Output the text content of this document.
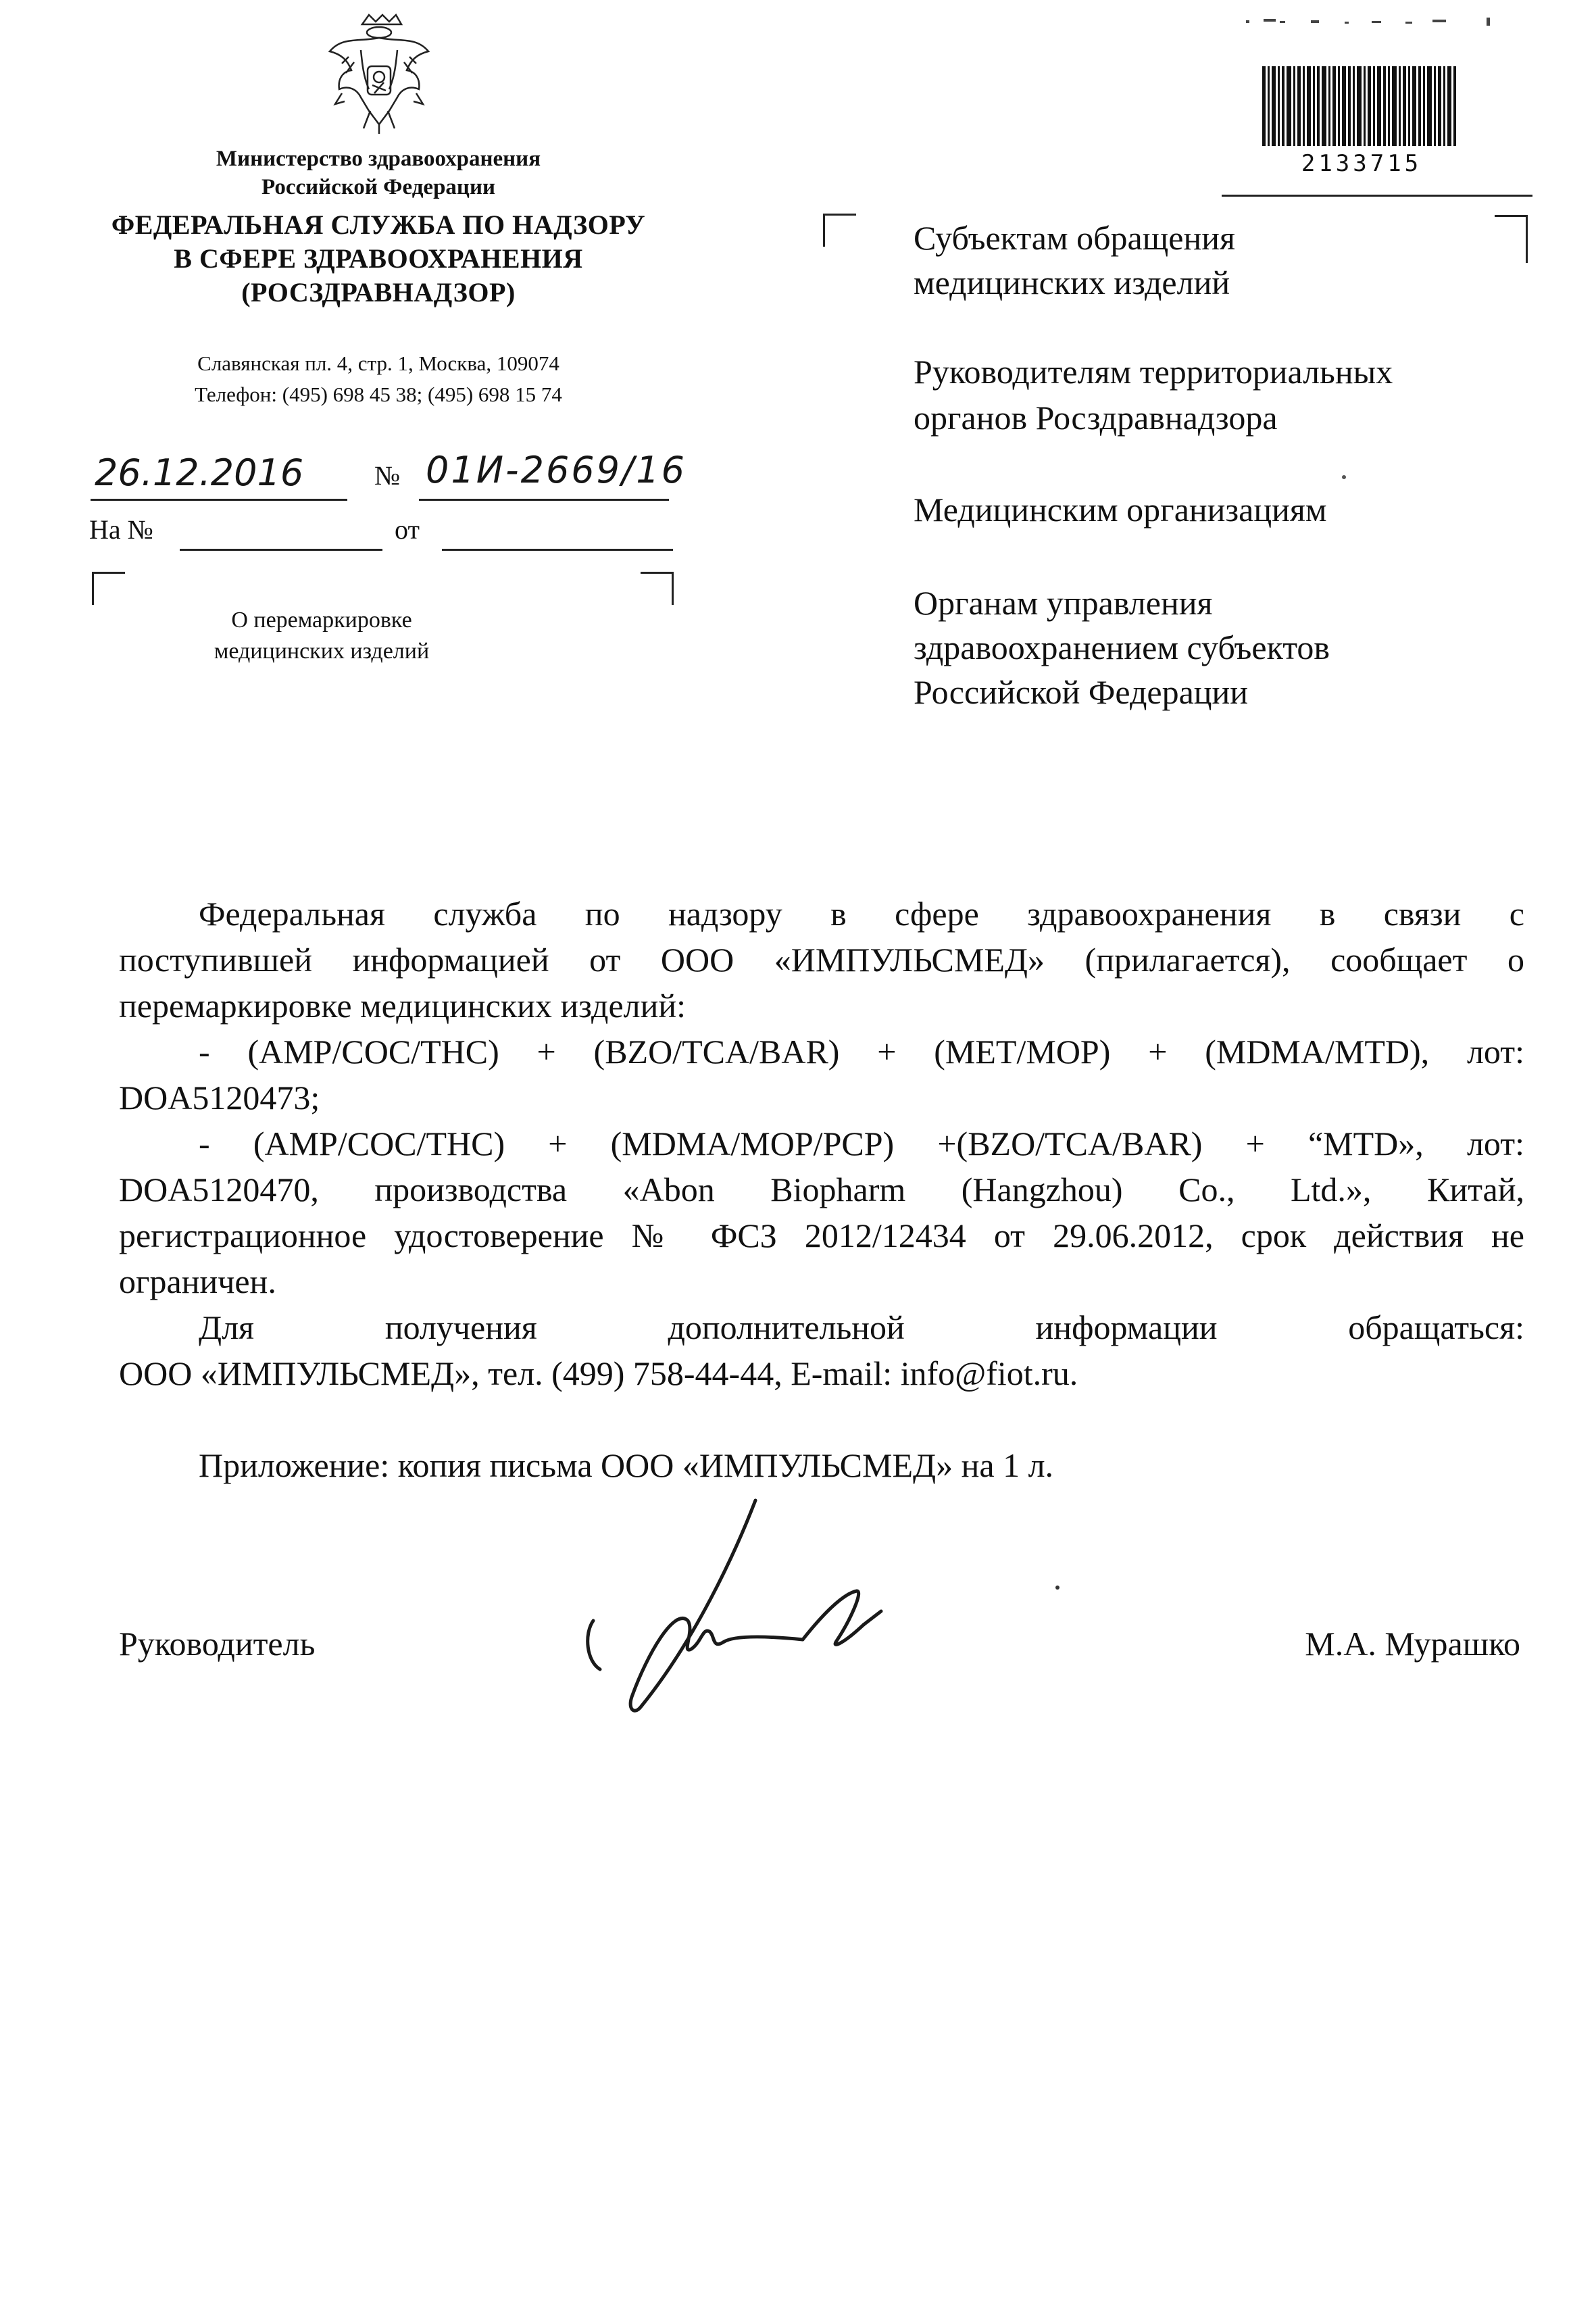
Министерство здравоохранения
Российской Федерации
ФЕДЕРАЛЬНАЯ СЛУЖБА ПО НАДЗОРУ
В СФЕРЕ ЗДРАВООХРАНЕНИЯ
(РОСЗДРАВНАДЗОР)
Славянская пл. 4, стр. 1, Москва, 109074
Телефон: (495) 698 45 38; (495) 698 15 74
26.12.2016	№ 01И-2669/16
На №	от
О перемаркировке
медицинских изделий
2133715
Субъектам обращения
медицинских изделий
Руководителям территориальных
органов Росздравнадзора
Медицинским организациям
Органам управления
здравоохранением субъектов
Российской Федерации
Федеральная служба по надзору в сфере здравоохранения в связи с
поступившей информацией от ООО «ИМПУЛЬСМЕД» (прилагается), сообщает о
перемаркировке медицинских изделий:
- (AMP/COC/THC) + (BZO/TCA/BAR) + (MET/MOP) + (MDMA/MTD), лот:
DOA5120473;
- (AMP/COC/THC) + (MDMA/MOP/PCP) +(BZO/TCA/BAR) + “MTD», лот:
DOA5120470, производства «Abon Biopharm (Hangzhou) Co., Ltd.», Китай,
регистрационное удостоверение № ФСЗ 2012/12434 от 29.06.2012, срок действия не
ограничен.
Для получения дополнительной информации обращаться:
ООО «ИМПУЛЬСМЕД», тел. (499) 758-44-44, E-mail: info@fiot.ru.
Приложение: копия письма ООО «ИМПУЛЬСМЕД» на 1 л.
Руководитель	М.А. Мурашко
